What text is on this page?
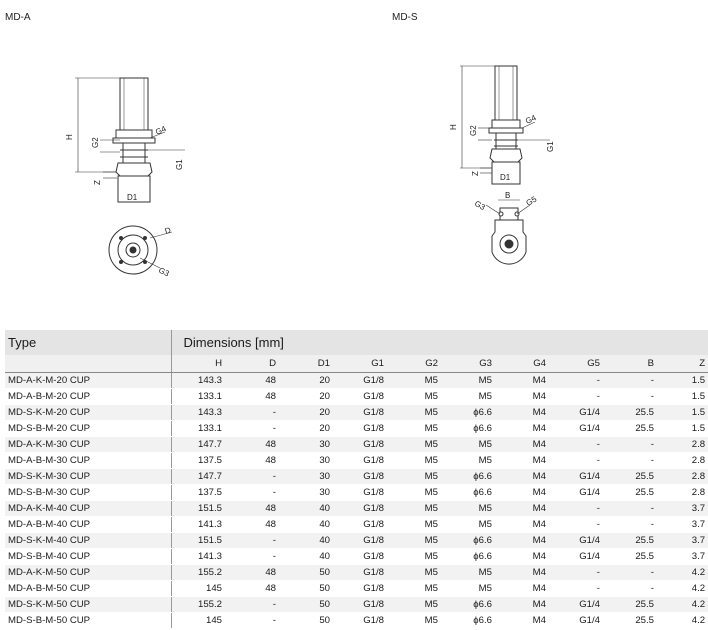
MD-A	MD-S
H
G2
G4
G1
Z
D1
D
G3
H G2
G4
G1
Z	D1
B
G3	G5
Type	Dimensions [mm]									
	H	D	D1	G1	G2	G3	G4	G5	B	Z
MD-A-K-M-20 CUP	143.3	48	20	G1/8	M5	M5	M4	-	-	1.5
MD-A-B-M-20 CUP	133.1	48	20	G1/8	M5	M5	M4	-	-	1.5
MD-S-K-M-20 CUP	143.3	-	20	G1/8	M5	ϕ6.6	M4	G1/4	25.5	1.5
MD-S-B-M-20 CUP	133.1	-	20	G1/8	M5	ϕ6.6	M4	G1/4	25.5	1.5
MD-A-K-M-30 CUP	147.7	48	30	G1/8	M5	M5	M4	-	-	2.8
MD-A-B-M-30 CUP	137.5	48	30	G1/8	M5	M5	M4	-	-	2.8
MD-S-K-M-30 CUP	147.7	-	30	G1/8	M5	ϕ6.6	M4	G1/4	25.5	2.8
MD-S-B-M-30 CUP	137.5	-	30	G1/8	M5	ϕ6.6	M4	G1/4	25.5	2.8
MD-A-K-M-40 CUP	151.5	48	40	G1/8	M5	M5	M4	-	-	3.7
MD-A-B-M-40 CUP	141.3	48	40	G1/8	M5	M5	M4	-	-	3.7
MD-S-K-M-40 CUP	151.5	-	40	G1/8	M5	ϕ6.6	M4	G1/4	25.5	3.7
MD-S-B-M-40 CUP	141.3	-	40	G1/8	M5	ϕ6.6	M4	G1/4	25.5	3.7
MD-A-K-M-50 CUP	155.2	48	50	G1/8	M5	M5	M4	-	-	4.2
MD-A-B-M-50 CUP	145	48	50	G1/8	M5	M5	M4	-	-	4.2
MD-S-K-M-50 CUP	155.2	-	50	G1/8	M5	ϕ6.6	M4	G1/4	25.5	4.2
MD-S-B-M-50 CUP	145	-	50	G1/8	M5	ϕ6.6	M4	G1/4	25.5	4.2
